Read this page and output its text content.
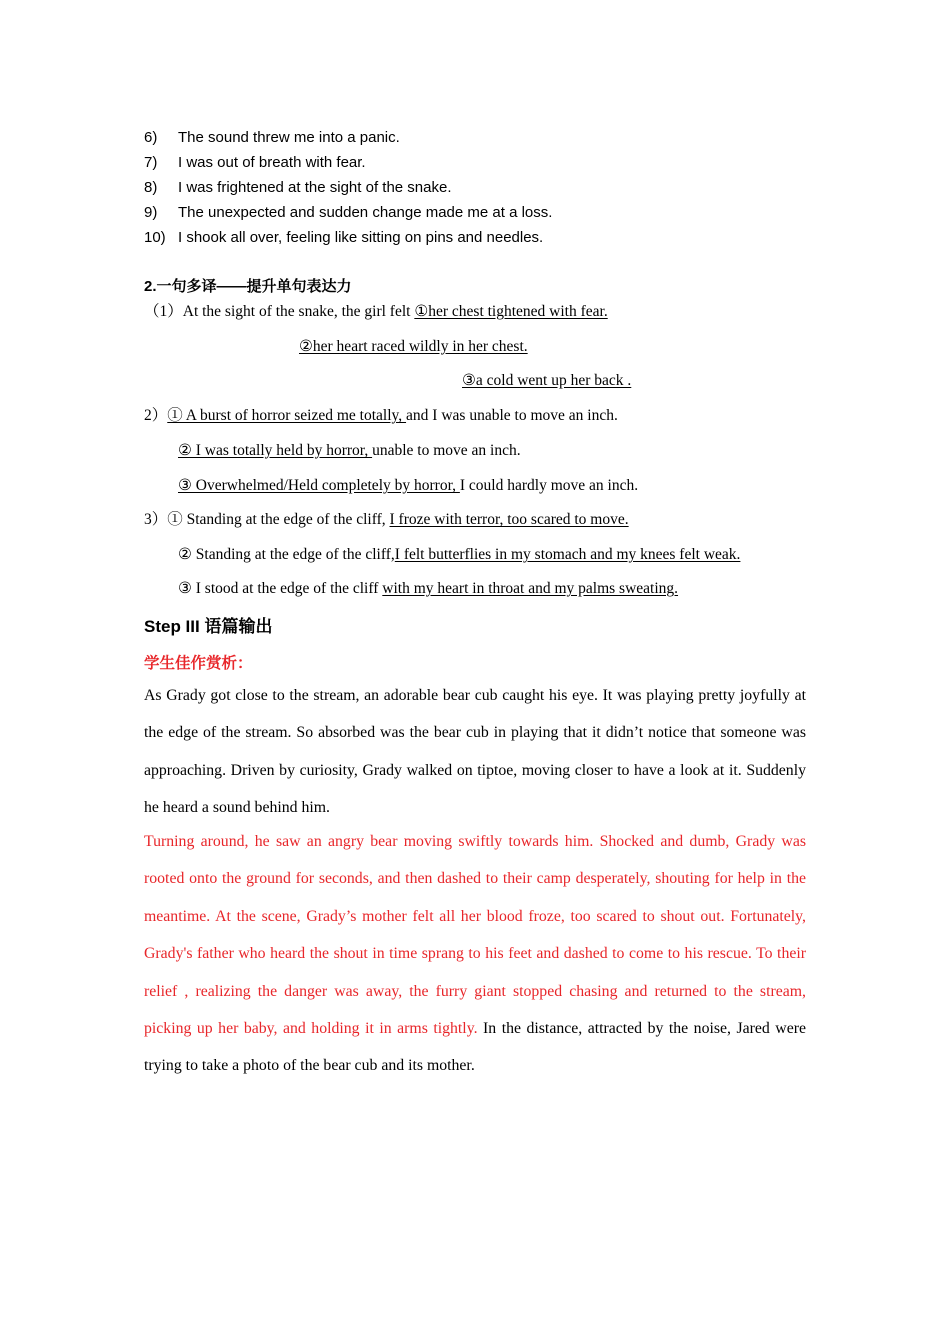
6) The sound threw me into a panic.
7) I was out of breath with fear.
8) I was frightened at the sight of the snake.
9) The unexpected and sudden change made me at a loss.
10) I shook all over, feeling like sitting on pins and needles.
2.一句多译——提升单句表达力
（1）At the sight of the snake, the girl felt ①her chest tightened with fear.
②her heart raced wildly in her chest.
③a cold went up her back .
2）① A burst of horror seized me totally, and I was unable to move an inch.
② I was totally held by horror, unable to move an inch.
③ Overwhelmed/Held completely by horror, I could hardly move an inch.
3）① Standing at the edge of the cliff, I froze with terror, too scared to move.
② Standing at the edge of the cliff,I felt butterflies in my stomach and my knees felt weak.
③ I stood at the edge of the cliff with my heart in throat and my palms sweating.
Step III 语篇输出
学生佳作赏析：
As Grady got close to the stream, an adorable bear cub caught his eye. It was playing pretty joyfully at the edge of the stream. So absorbed was the bear cub in playing that it didn’t notice that someone was approaching. Driven by curiosity, Grady walked on tiptoe, moving closer to have a look at it. Suddenly he heard a sound behind him.
Turning around, he saw an angry bear moving swiftly towards him. Shocked and dumb, Grady was rooted onto the ground for seconds, and then dashed to their camp desperately, shouting for help in the meantime. At the scene, Grady’s mother felt all her blood froze, too scared to shout out. Fortunately, Grady's father who heard the shout in time sprang to his feet and dashed to come to his rescue. To their relief , realizing the danger was away, the furry giant stopped chasing and returned to the stream, picking up her baby, and holding it in arms tightly. In the distance, attracted by the noise, Jared were trying to take a photo of the bear cub and its mother.
